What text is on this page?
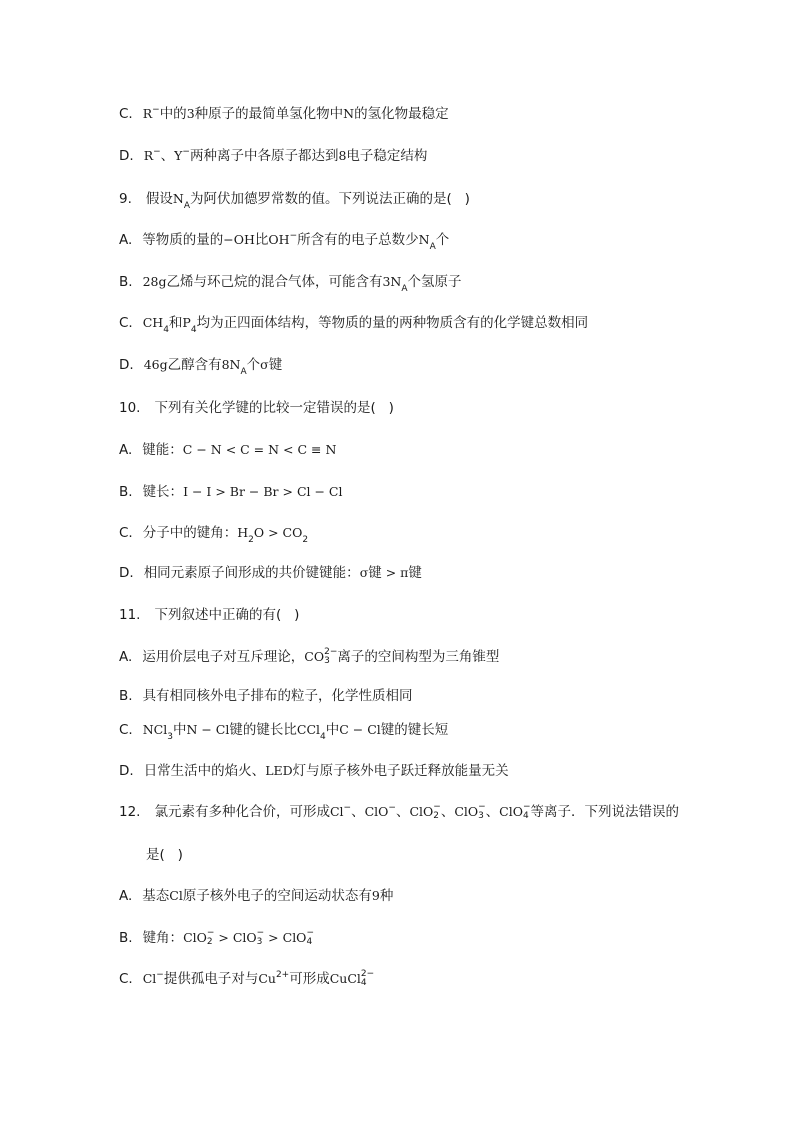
C. R−中的3种原子的最简单氢化物中N的氢化物最稳定
D. R−、Y−两种离子中各原子都达到8电子稳定结构
9. 假设$N_A$为阿伏加德罗常数的值。下列说法正确的是(   )
A. 等物质的量的−OH比OH−所含有的电子总数少$N_A$个
B. 28g乙烯与环己烷的混合气体，可能含有$3N_A$个氢原子
C. $CH_4$和$P_4$均为正四面体结构，等物质的量的两种物质含有的化学键总数相同
D. 46g乙醇含有$8N_A$个σ键
10. 下列有关化学键的比较一定错误的是(   )
A. 键能：C − N < C = N < C ≡ N
B. 键长：I − I > Br − Br > Cl − Cl
C. 分子中的键角：$H_2O > CO_2$
D. 相同元素原子间形成的共价键键能：σ键 > π键
11. 下列叙述中正确的有(   )
A. 运用价层电子对互斥理论，CO 2−
3 离子的空间构型为三角锥型
B. 具有相同核外电子排布的粒子，化学性质相同
C. NCl$_3$中N − Cl键的键长比CCl$_4$中C − Cl键的键长短
D. 日常生活中的焰火、LED灯与原子核外电子跃迁释放能量无关
12. 氯元素有多种化合价，可形成Cl−、ClO−、ClO −
2 、ClO −
3 、ClO −
4 等离子．下列说法错误的
是(   )
A. 基态Cl原子核外电子的空间运动状态有9种
B. 键角：ClO −
2 > ClO −
3 > ClO −
4
C. Cl−提供孤电子对与$Cu^{2+}$可形成CuCl 2−
4
